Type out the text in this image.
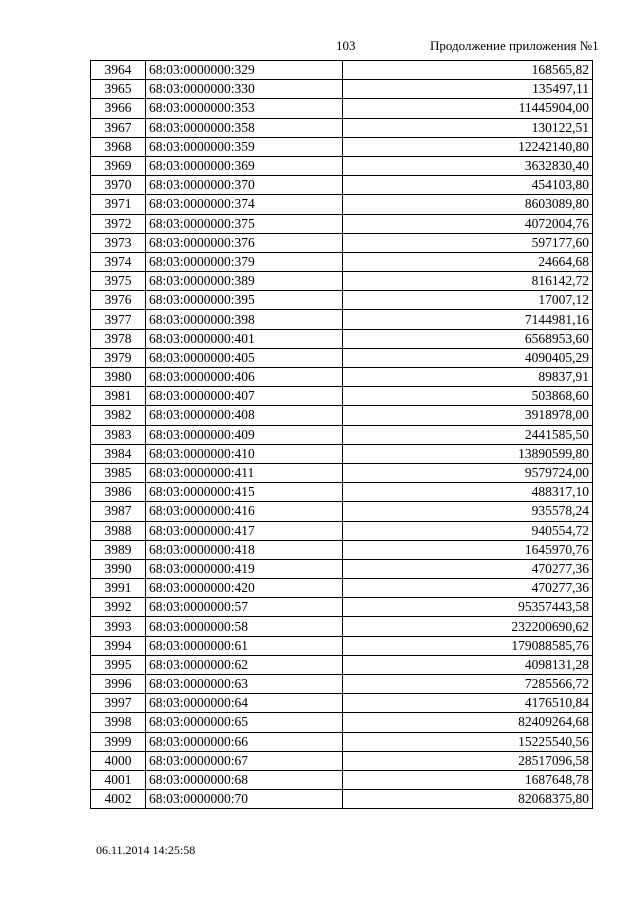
103	Продолжение приложения №1
3964	68:03:0000000:329	168565,82
3965	68:03:0000000:330	135497,11
3966	68:03:0000000:353	11445904,00
3967	68:03:0000000:358	130122,51
3968	68:03:0000000:359	12242140,80
3969	68:03:0000000:369	3632830,40
3970	68:03:0000000:370	454103,80
3971	68:03:0000000:374	8603089,80
3972	68:03:0000000:375	4072004,76
3973	68:03:0000000:376	597177,60
3974	68:03:0000000:379	24664,68
3975	68:03:0000000:389	816142,72
3976	68:03:0000000:395	17007,12
3977	68:03:0000000:398	7144981,16
3978	68:03:0000000:401	6568953,60
3979	68:03:0000000:405	4090405,29
3980	68:03:0000000:406	89837,91
3981	68:03:0000000:407	503868,60
3982	68:03:0000000:408	3918978,00
3983	68:03:0000000:409	2441585,50
3984	68:03:0000000:410	13890599,80
3985	68:03:0000000:411	9579724,00
3986	68:03:0000000:415	488317,10
3987	68:03:0000000:416	935578,24
3988	68:03:0000000:417	940554,72
3989	68:03:0000000:418	1645970,76
3990	68:03:0000000:419	470277,36
3991	68:03:0000000:420	470277,36
3992	68:03:0000000:57	95357443,58
3993	68:03:0000000:58	232200690,62
3994	68:03:0000000:61	179088585,76
3995	68:03:0000000:62	4098131,28
3996	68:03:0000000:63	7285566,72
3997	68:03:0000000:64	4176510,84
3998	68:03:0000000:65	82409264,68
3999	68:03:0000000:66	15225540,56
4000	68:03:0000000:67	28517096,58
4001	68:03:0000000:68	1687648,78
4002	68:03:0000000:70	82068375,80
06.11.2014 14:25:58
